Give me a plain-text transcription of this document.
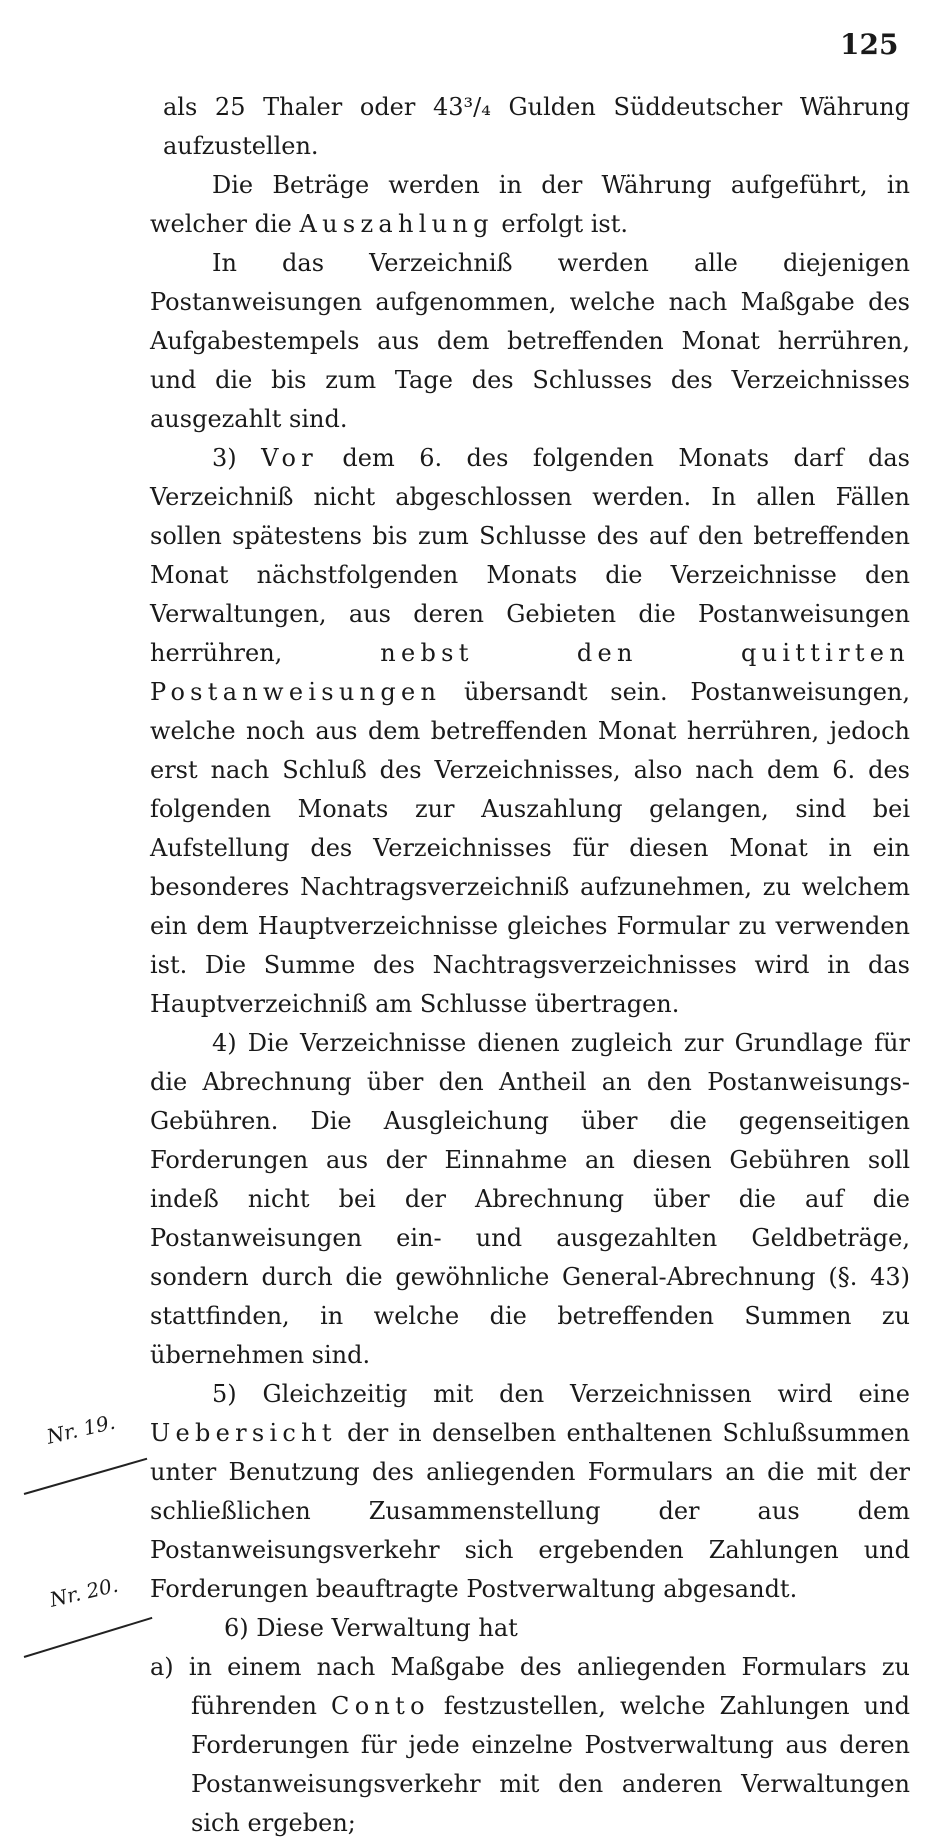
125

als 25 Thaler oder 43³/₄ Gulden Süddeutscher Währung aufzustellen.

Die Beträge werden in der Währung aufgeführt, in welcher die Auszahlung erfolgt ist.

In das Verzeichniß werden alle diejenigen Postanweisungen aufgenommen, welche nach Maßgabe des Aufgabestempels aus dem betreffenden Monat herrühren, und die bis zum Tage des Schlusses des Verzeichnisses ausgezahlt sind.

3) Vor dem 6. des folgenden Monats darf das Verzeichniß nicht abgeschlossen werden. In allen Fällen sollen spätestens bis zum Schlusse des auf den betreffenden Monat nächstfolgenden Monats die Verzeichnisse den Verwaltungen, aus deren Gebieten die Postanweisungen herrühren, nebst den quittirten Postanweisungen übersandt sein. Postanweisungen, welche noch aus dem betreffenden Monat herrühren, jedoch erst nach Schluß des Verzeichnisses, also nach dem 6. des folgenden Monats zur Auszahlung gelangen, sind bei Aufstellung des Verzeichnisses für diesen Monat in ein besonderes Nachtragsverzeichniß aufzunehmen, zu welchem ein dem Hauptverzeichnisse gleiches Formular zu verwenden ist. Die Summe des Nachtragsverzeichnisses wird in das Hauptverzeichniß am Schlusse übertragen.

4) Die Verzeichnisse dienen zugleich zur Grundlage für die Abrechnung über den Antheil an den Postanweisungs-Gebühren. Die Ausgleichung über die gegenseitigen Forderungen aus der Einnahme an diesen Gebühren soll indeß nicht bei der Abrechnung über die auf die Postanweisungen ein- und ausgezahlten Geldbeträge, sondern durch die gewöhnliche General-Abrechnung (§. 43) stattfinden, in welche die betreffenden Summen zu übernehmen sind.

5) Gleichzeitig mit den Verzeichnissen wird eine Uebersicht der in denselben enthaltenen Schlußsummen unter Benutzung des anliegenden Formulars an die mit der schließlichen Zusammenstellung der aus dem Postanweisungsverkehr sich ergebenden Zahlungen und Forderungen beauftragte Postverwaltung abgesandt.

6) Diese Verwaltung hat

a) in einem nach Maßgabe des anliegenden Formulars zu führenden Conto festzustellen, welche Zahlungen und Forderungen für jede einzelne Postverwaltung aus deren Postanweisungsverkehr mit den anderen Verwaltungen sich ergeben;

Nr. 19.
Nr. 20.
